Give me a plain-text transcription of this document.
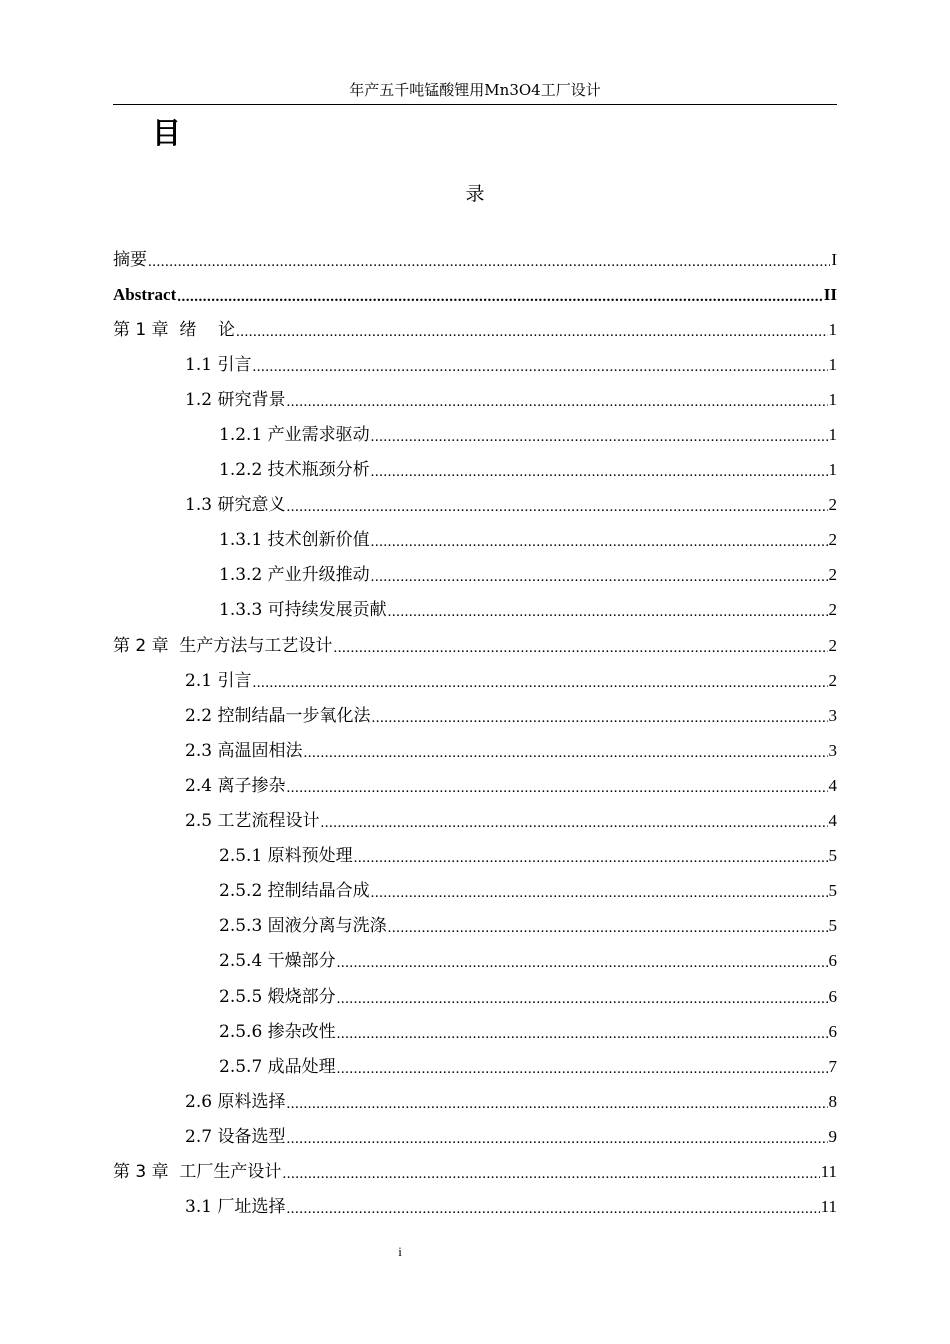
年产五千吨锰酸锂用Mn3O4工厂设计
目
录
摘要 .....	I
Abstract .....	II
第 1 章  绪    论 .....	1
1.1 引言 .....	1
1.2 研究背景 .....	1
1.2.1 产业需求驱动 .....	1
1.2.2 技术瓶颈分析 .....	1
1.3 研究意义 .....	2
1.3.1 技术创新价值 .....	2
1.3.2 产业升级推动 .....	2
1.3.3 可持续发展贡献 .....	2
第 2 章  生产方法与工艺设计 .....	2
2.1 引言 .....	2
2.2 控制结晶一步氧化法 .....	3
2.3 高温固相法 .....	3
2.4 离子掺杂 .....	4
2.5 工艺流程设计 .....	4
2.5.1 原料预处理 .....	5
2.5.2 控制结晶合成 .....	5
2.5.3 固液分离与洗涤 .....	5
2.5.4 干燥部分 .....	6
2.5.5 煅烧部分 .....	6
2.5.6 掺杂改性 .....	6
2.5.7 成品处理 .....	7
2.6 原料选择 .....	8
2.7 设备选型 .....	9
第 3 章  工厂生产设计 .....	11
3.1 厂址选择 .....	11
i
